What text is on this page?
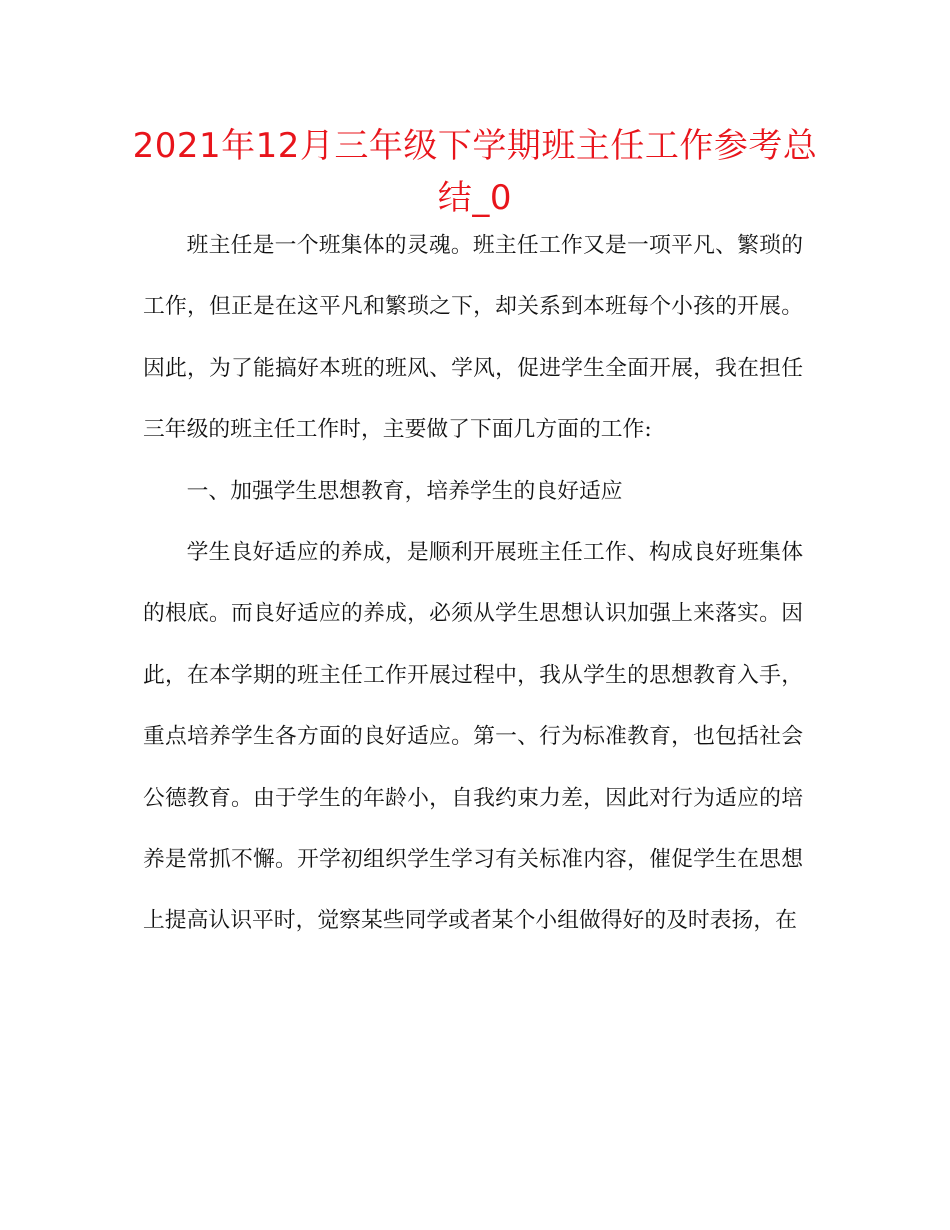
2021年12月三年级下学期班主任工作参考总结_0

班主任是一个班集体的灵魂。班主任工作又是一项平凡、繁琐的工作，但正是在这平凡和繁琐之下，却关系到本班每个小孩的开展。因此，为了能搞好本班的班风、学风，促进学生全面开展，我在担任三年级的班主任工作时，主要做了下面几方面的工作:

一、加强学生思想教育，培养学生的良好适应

学生良好适应的养成，是顺利开展班主任工作、构成良好班集体的根底。而良好适应的养成，必须从学生思想认识加强上来落实。因此，在本学期的班主任工作开展过程中，我从学生的思想教育入手，重点培养学生各方面的良好适应。第一、行为标准教育，也包括社会公德教育。由于学生的年龄小，自我约束力差，因此对行为适应的培养是常抓不懈。开学初组织学生学习有关标准内容，催促学生在思想上提高认识平时，觉察某些同学或者某个小组做得好的及时表扬，在
